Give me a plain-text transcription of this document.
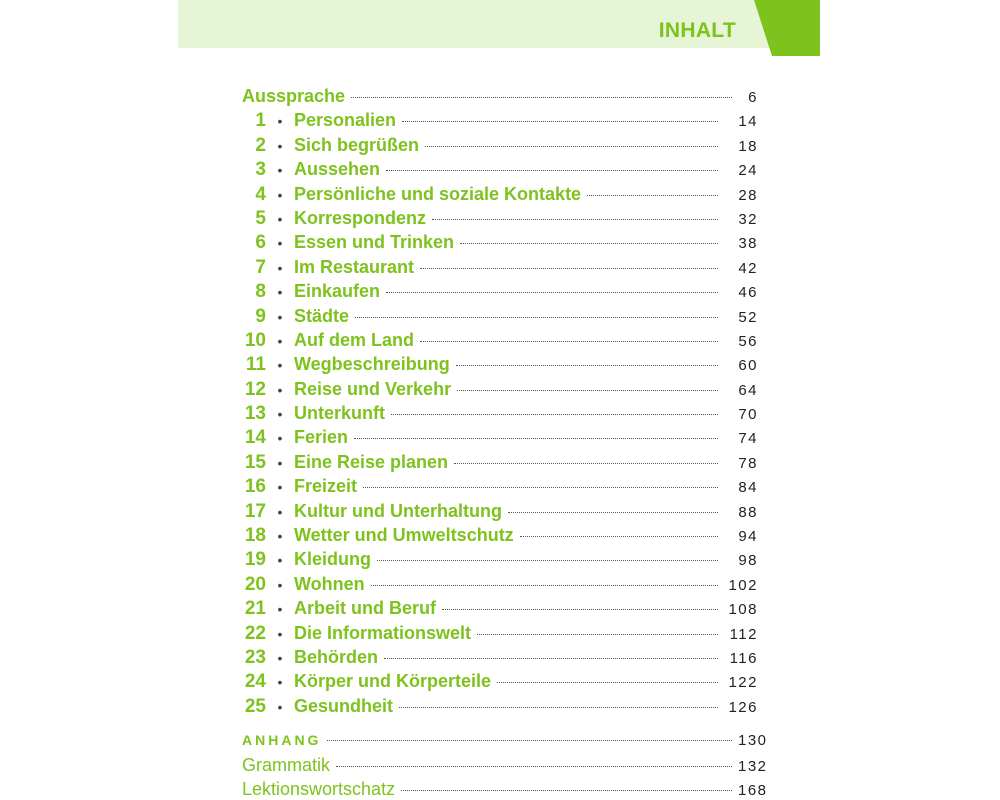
INHALT
Aussprache	6
1 • Personalien	14
2 • Sich begrüßen	18
3 • Aussehen	24
4 • Persönliche und soziale Kontakte	28
5 • Korrespondenz	32
6 • Essen und Trinken	38
7 • Im Restaurant	42
8 • Einkaufen	46
9 • Städte	52
10 • Auf dem Land	56
11 • Wegbeschreibung	60
12 • Reise und Verkehr	64
13 • Unterkunft	70
14 • Ferien	74
15 • Eine Reise planen	78
16 • Freizeit	84
17 • Kultur und Unterhaltung	88
18 • Wetter und Umweltschutz	94
19 • Kleidung	98
20 • Wohnen	102
21 • Arbeit und Beruf	108
22 • Die Informationswelt	112
23 • Behörden	116
24 • Körper und Körperteile	122
25 • Gesundheit	126
ANHANG	130
Grammatik	132
Lektionswortschatz	168
